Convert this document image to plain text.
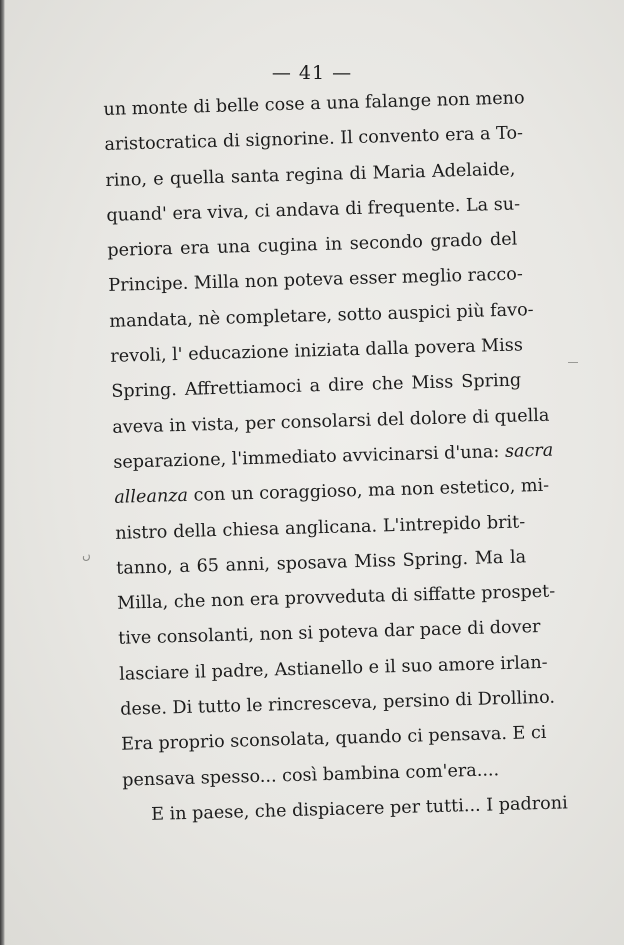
— 41 —
ں
un monte di belle cose a una falange non meno
aristocratica di signorine. Il convento era a To-
rino, e quella santa regina di Maria Adelaide,
quand' era viva, ci andava di frequente. La su-
periora era una cugina in secondo grado del
Principe. Milla non poteva esser meglio racco-
mandata, nè completare, sotto auspici più favo-
revoli, l' educazione iniziata dalla povera Miss
Spring. Affrettiamoci a dire che Miss Spring
aveva in vista, per consolarsi del dolore di quella
separazione, l'immediato avvicinarsi d'una: sacra
alleanza con un coraggioso, ma non estetico, mi-
nistro della chiesa anglicana. L'intrepido brit-
tanno, a 65 anni, sposava Miss Spring. Ma la
Milla, che non era provveduta di siffatte prospet-
tive consolanti, non si poteva dar pace di dover
lasciare il padre, Astianello e il suo amore irlan-
dese. Di tutto le rincresceva, persino di Drollino.
Era proprio sconsolata, quando ci pensava. E ci
pensava spesso... così bambina com'era....
E in paese, che dispiacere per tutti... I padroni
